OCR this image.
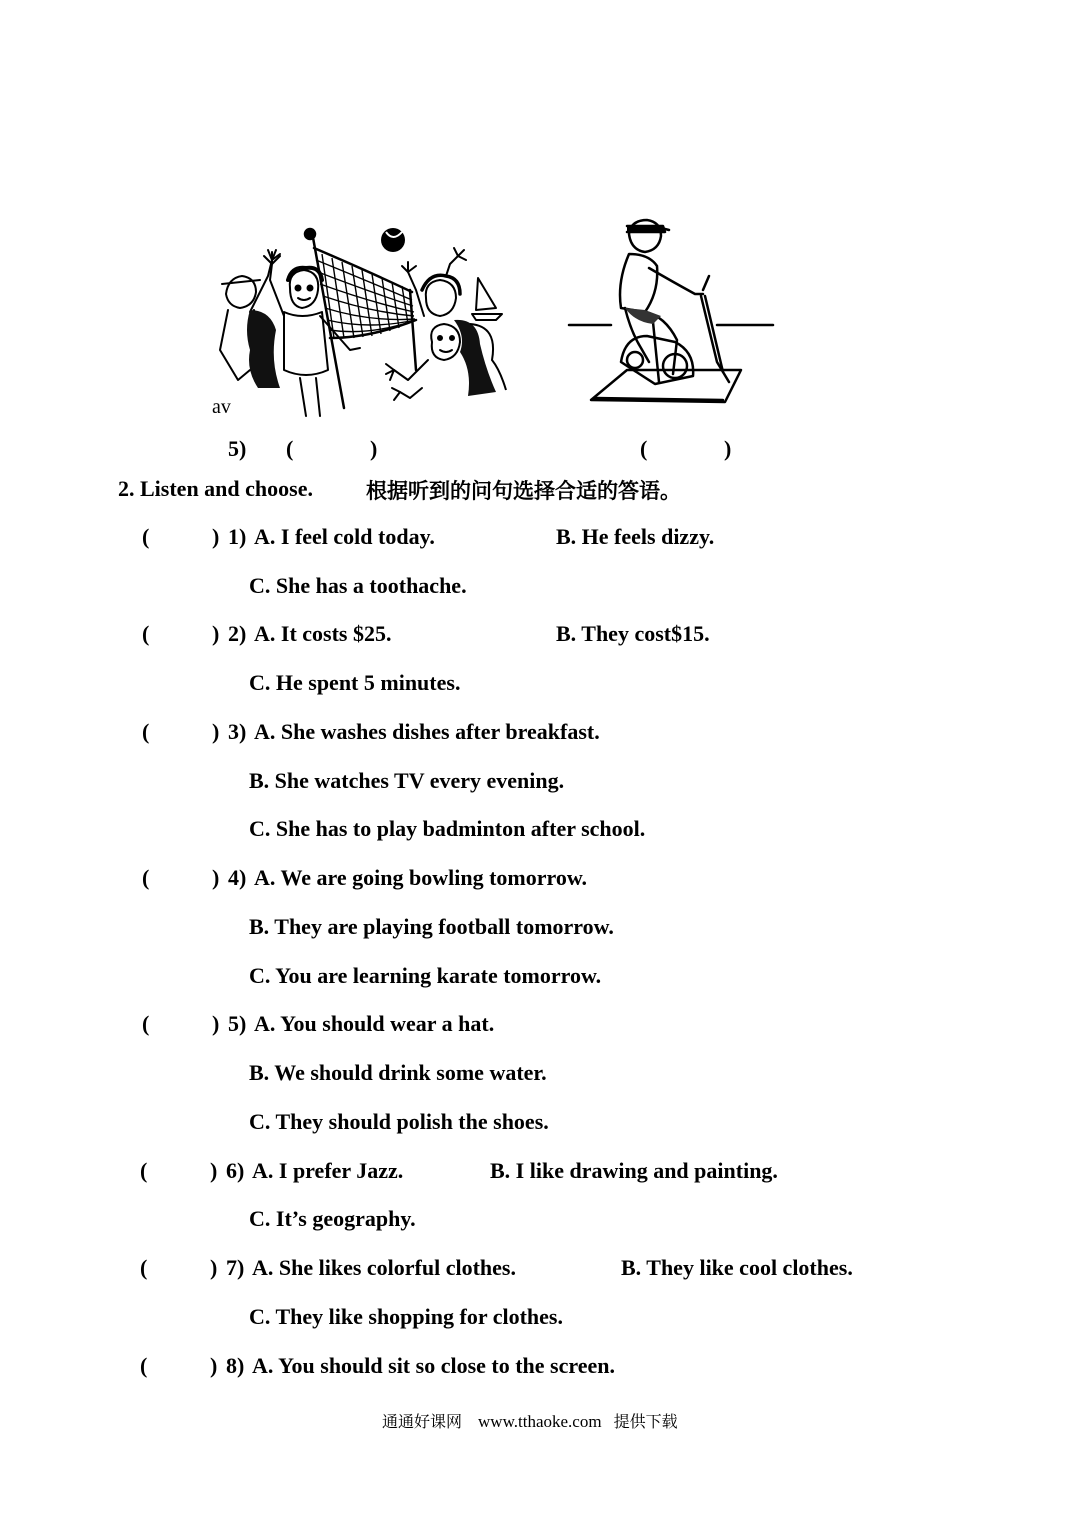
av
5) (	)	(	)
2. Listen and choose.	根据听到的问句选择合适的答语。
(	) 1) A. I feel cold today.	B. He feels dizzy.
C. She has a toothache.
(	) 2) A. It costs $25.	B. They cost$15.
C. He spent 5 minutes.
(	) 3) A. She washes dishes after breakfast.
B. She watches TV every evening.
C. She has to play badminton after school.
(	) 4) A. We are going bowling tomorrow.
B. They are playing football tomorrow.
C. You are learning karate tomorrow.
(	) 5) A. You should wear a hat.
B. We should drink some water.
C. They should polish the shoes.
(	) 6) A. I prefer Jazz.	B. I like drawing and painting.
C. It’s geography.
(	) 7) A. She likes colorful clothes.	B. They like cool clothes.
C. They like shopping for clothes.
(	) 8) A. You should sit so close to the screen.
通通好课网 www.tthaoke.com 提供下载
